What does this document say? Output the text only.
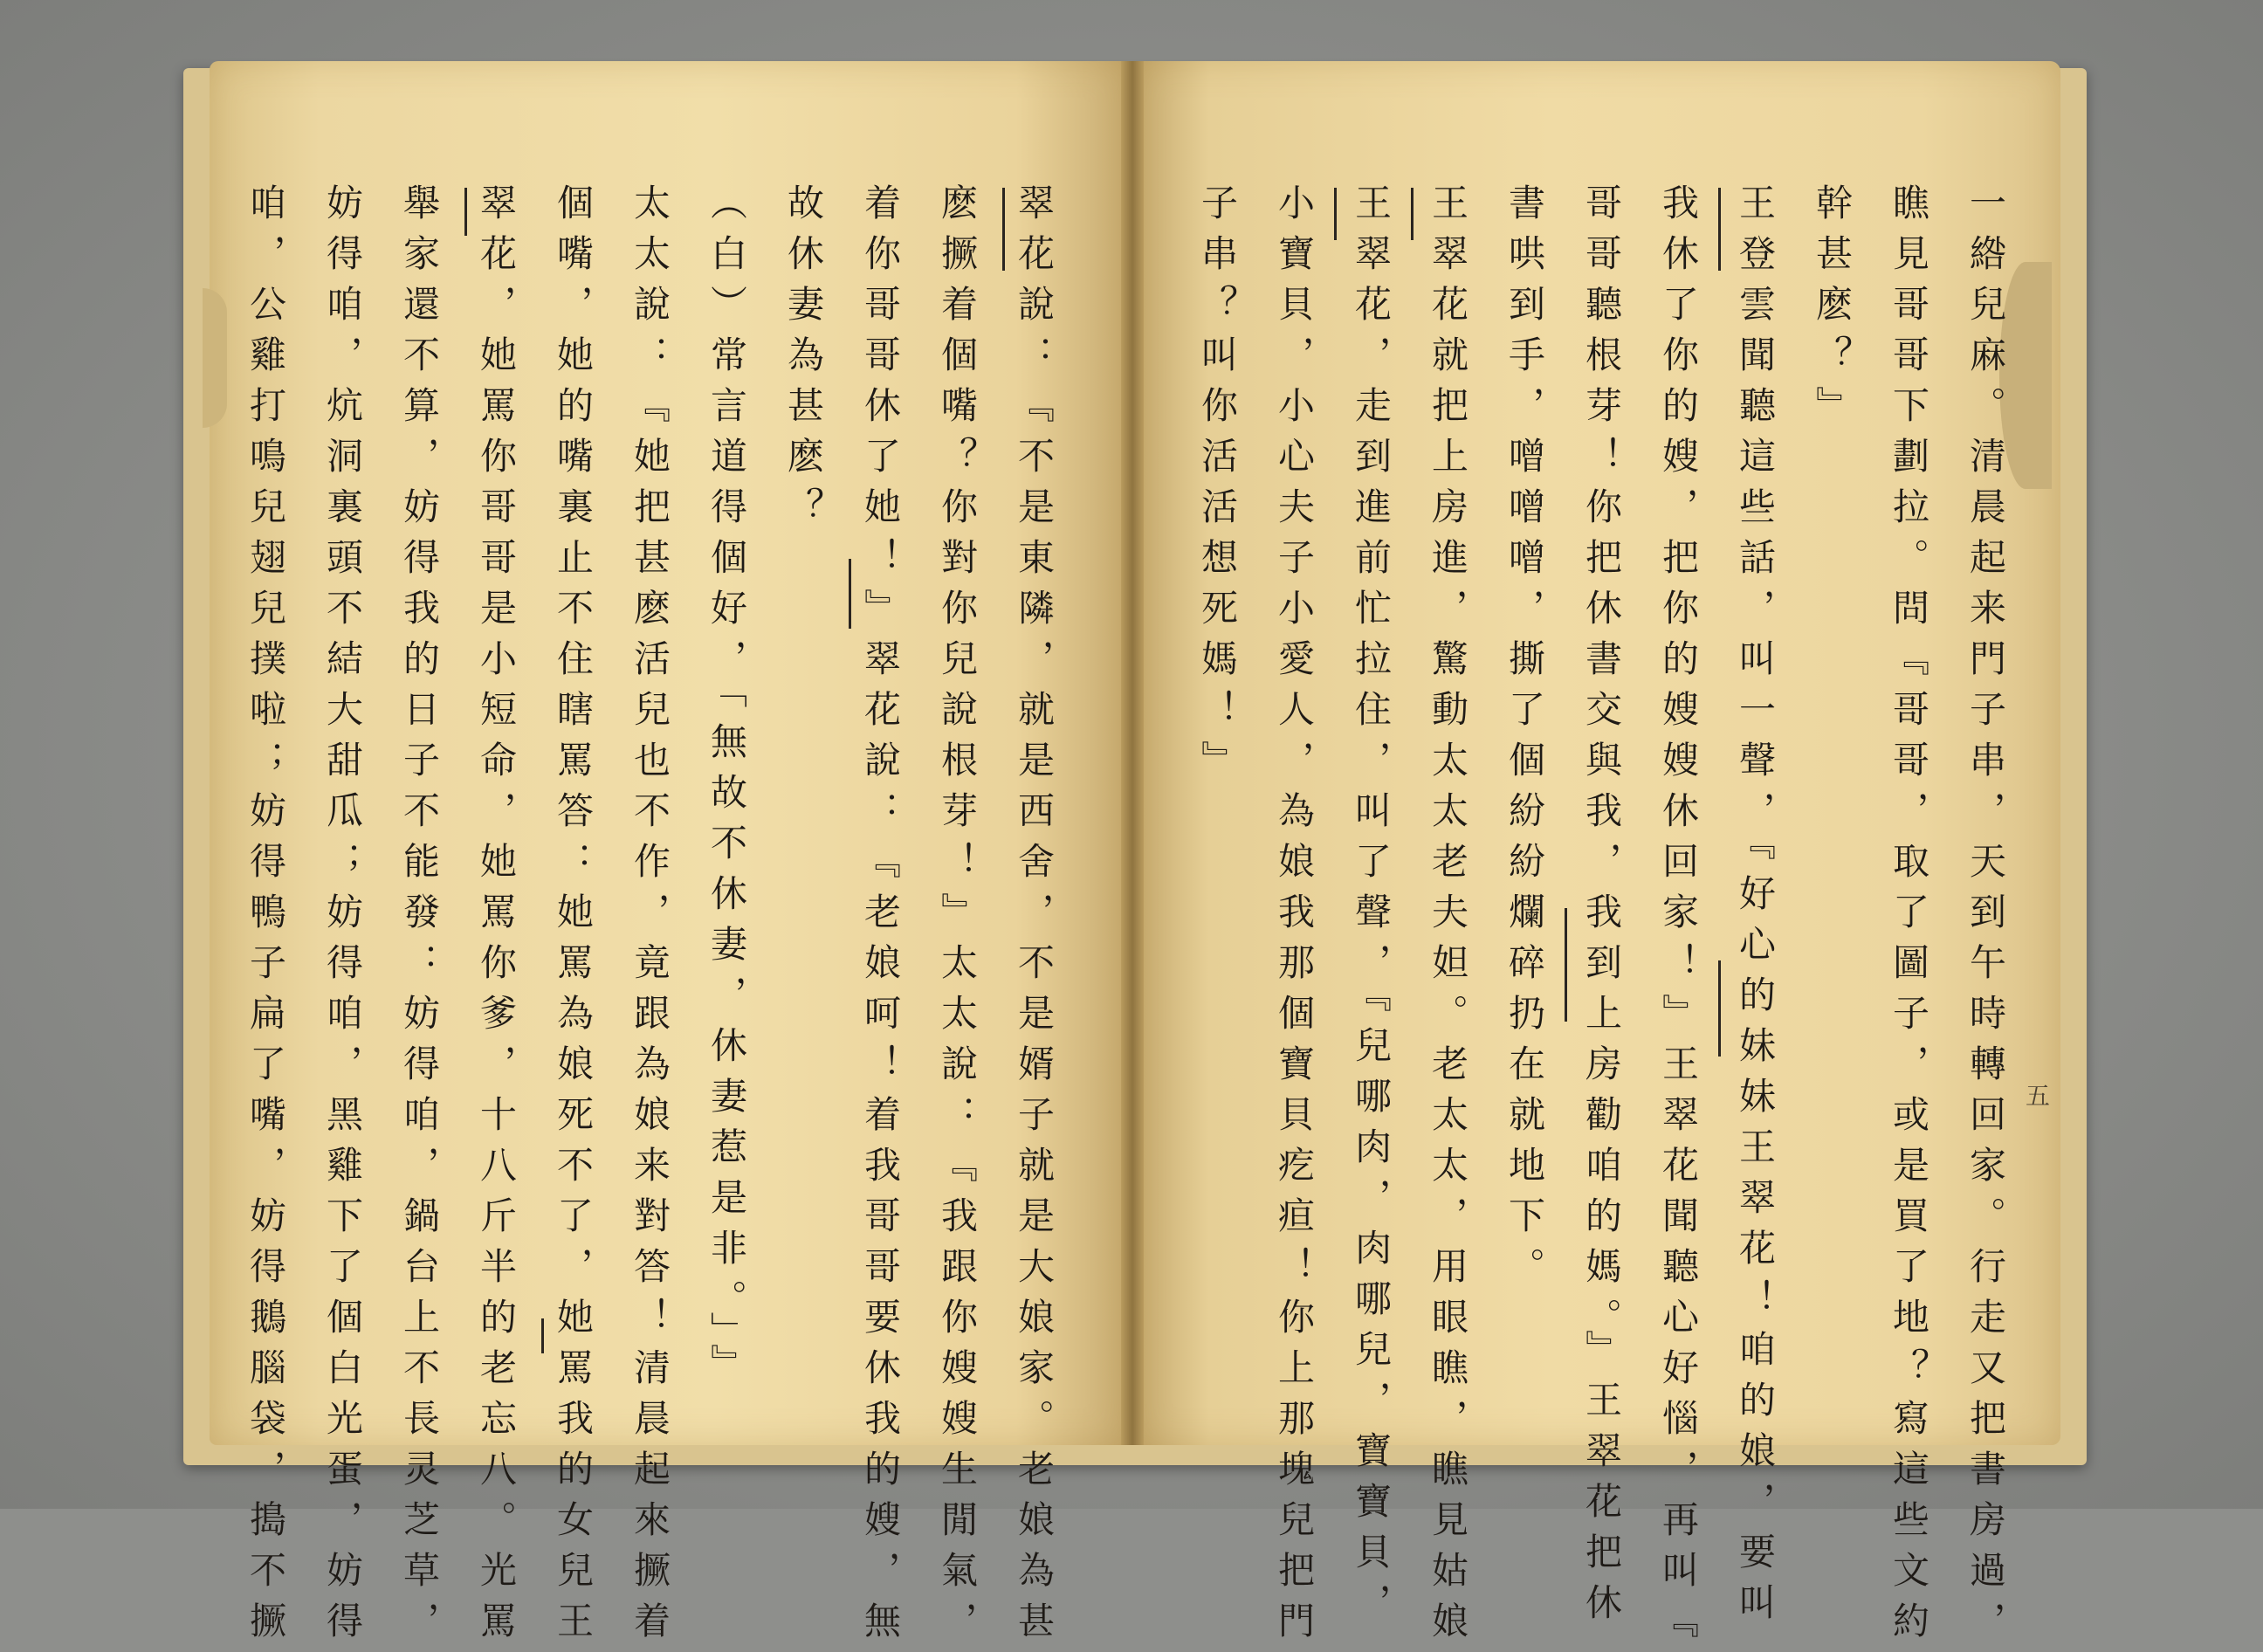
一綹兒麻。清晨起来門子串，天到午時轉回家。行走又把書房過，
瞧見哥哥下劃拉。問『哥哥，取了圖子，或是買了地？寫這些文約
幹甚麽？』
王登雲聞聽這些話，叫一聲，『好心的妹妹王翠花！咱的娘，要叫
我休了你的嫂，把你的嫂嫂休回家！』王翠花聞聽心好惱，再叫『
哥哥聽根芽！你把休書交與我，我到上房勸咱的媽。』王翠花把休
書哄到手，噌噌噌，撕了個紛紛爛碎扔在就地下。
王翠花就把上房進，驚動太太老夫妲。老太太，用眼瞧，瞧見姑娘
王翠花，走到進前忙拉住，叫了聲，『兒哪肉，肉哪兒，寶寶貝，
小寶貝，小心夫子小愛人，為娘我那個寶貝疙疸！你上那塊兒把門
子串？叫你活活想死媽！』
五
翠花說：『不是東隣，就是西舍，不是婿子就是大娘家。老娘為甚
麽撅着個嘴？你對你兒說根芽！』太太說：『我跟你嫂嫂生閒氣，
着你哥哥休了她！』翠花說：『老娘呵！着我哥哥要休我的嫂，無
故休妻為甚麽？
（白）常言道得個好，「無故不休妻，休妻惹是非。」』
太太說：『她把甚麽活兒也不作，竟跟為娘来對答！清晨起來撅着
個嘴，她的嘴裏止不住瞎罵答：她罵為娘死不了，她罵我的女兒王
翠花，她罵你哥哥是小短命，她罵你爹，十八斤半的老忘八。光罵
舉家還不算，妨得我的日子不能發：妨得咱，鍋台上不長灵芝草，
妨得咱，炕洞裏頭不結大甜瓜；妨得咱，黑雞下了個白光蛋，妨得
咱，公雞打鳴兒翅兒撲啦；妨得鴨子扁了嘴，妨得鵝腦袋，搗不撅
